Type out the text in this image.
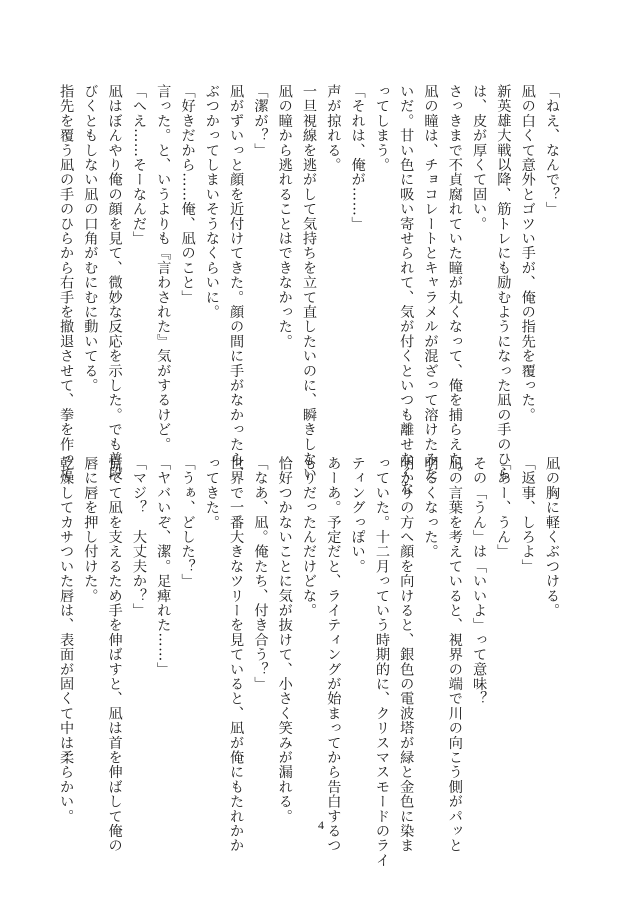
「ねえ、なんで？」
凪の白くて意外とゴツい手が、俺の指先を覆った。
新英雄大戦以降、筋トレにも励むようになった凪の手のひら
は、皮が厚くて固い。
さっきまで不貞腐れていた瞳が丸くなって、俺を捕らえた。
凪の瞳は、チョコレートとキャラメルが混ざって溶けたみた
いだ。甘い色に吸い寄せられて、気が付くといつも離せなくな
ってしまう。
「それは、俺が……」
声が掠れる。
一旦視線を逃がして気持ちを立て直したいのに、瞬きしない
凪の瞳から逃れることはできなかった。
「潔が？」
凪がずいっと顔を近付けてきた。顔の間に手がなかったら、
ぶつかってしまいそうなくらいに。
「好きだから……俺、凪のこと」
言った。と、いうよりも『言わされた』気がするけど。
「へえ……そーなんだ」
凪はぼんやり俺の顔を見て、微妙な反応を示した。でも普段
びくともしない凪の口角がむにむに動いてる。
指先を覆う凪の手のひらから右手を撤退させて、拳を作って
凪の胸に軽くぶつける。
「返事、しろよ」
「あー、うん」
その「うん」は「いいよ」って意味？
凪の言葉を考えていると、視界の端で川の向こう側がパッと
明るくなった。
明かりの方へ顔を向けると、銀色の電波塔が緑と金色に染ま
っていた。十二月っていう時期的に、クリスマスモードのライ
ティングっぽい。
あーあ。予定だと、ライティングが始まってから告白するつ
もりだったんだけどな。
恰好つかないことに気が抜けて、小さく笑みが漏れる。
「なあ、凪。俺たち、付き合う？」
世界で一番大きなツリーを見ていると、凪が俺にもたれかか
ってきた。
「うぁ、どした？」
「ヤバいぞ、潔。足痺れた……」
「マジ？　大丈夫か？」
慌てて凪を支えるため手を伸ばすと、凪は首を伸ばして俺の
唇に唇を押し付けた。
乾燥してカサついた唇は、表面が固くて中は柔らかい。
4
